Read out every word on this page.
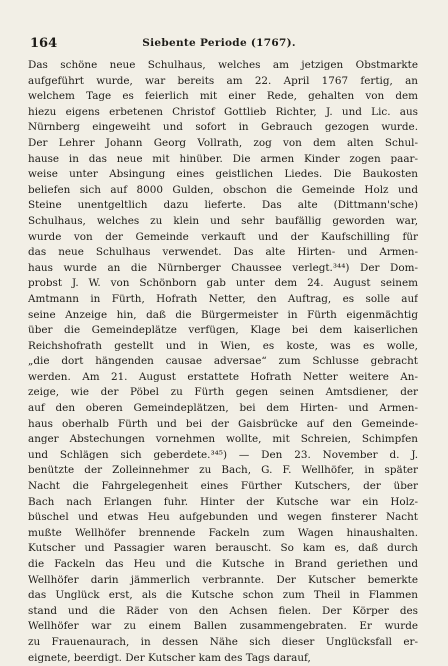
164	Siebente Periode (1767).
Das schöne neue Schulhaus, welches am jetzigen Obstmarkte
aufgeführt wurde, war bereits am 22. April 1767 fertig, an
welchem Tage es feierlich mit einer Rede, gehalten von dem
hiezu eigens erbetenen Christof Gottlieb Richter, J. und Lic. aus
Nürnberg eingeweiht und sofort in Gebrauch gezogen wurde.
Der Lehrer Johann Georg Vollrath, zog von dem alten Schul-
hause in das neue mit hinüber. Die armen Kinder zogen paar-
weise unter Absingung eines geistlichen Liedes. Die Baukosten
beliefen sich auf 8000 Gulden, obschon die Gemeinde Holz und
Steine unentgeltlich dazu lieferte. Das alte (Dittmann'sche)
Schulhaus, welches zu klein und sehr baufällig geworden war,
wurde von der Gemeinde verkauft und der Kaufschilling für
das neue Schulhaus verwendet. Das alte Hirten- und Armen-
haus wurde an die Nürnberger Chaussee verlegt.³⁴⁴) Der Dom-
probst J. W. von Schönborn gab unter dem 24. August seinem
Amtmann in Fürth, Hofrath Netter, den Auftrag, es solle auf
seine Anzeige hin, daß die Bürgermeister in Fürth eigenmächtig
über die Gemeindeplätze verfügen, Klage bei dem kaiserlichen
Reichshofrath gestellt und in Wien, es koste, was es wolle,
„die dort hängenden causae adversae“ zum Schlusse gebracht
werden. Am 21. August erstattete Hofrath Netter weitere An-
zeige, wie der Pöbel zu Fürth gegen seinen Amtsdiener, der
auf den oberen Gemeindeplätzen, bei dem Hirten- und Armen-
haus oberhalb Fürth und bei der Gaisbrücke auf den Gemeinde-
anger Abstechungen vornehmen wollte, mit Schreien, Schimpfen
und Schlägen sich geberdete.³⁴⁵) — Den 23. November d. J.
benützte der Zolleinnehmer zu Bach, G. F. Wellhöfer, in später
Nacht die Fahrgelegenheit eines Fürther Kutschers, der über
Bach nach Erlangen fuhr. Hinter der Kutsche war ein Holz-
büschel und etwas Heu aufgebunden und wegen finsterer Nacht
mußte Wellhöfer brennende Fackeln zum Wagen hinaushalten.
Kutscher und Passagier waren berauscht. So kam es, daß durch
die Fackeln das Heu und die Kutsche in Brand geriethen und
Wellhöfer darin jämmerlich verbrannte. Der Kutscher bemerkte
das Unglück erst, als die Kutsche schon zum Theil in Flammen
stand und die Räder von den Achsen fielen. Der Körper des
Wellhöfer war zu einem Ballen zusammengebraten. Er wurde
zu Frauenaurach, in dessen Nähe sich dieser Unglücksfall er-
eignete, beerdigt. Der Kutscher kam des Tags darauf,
